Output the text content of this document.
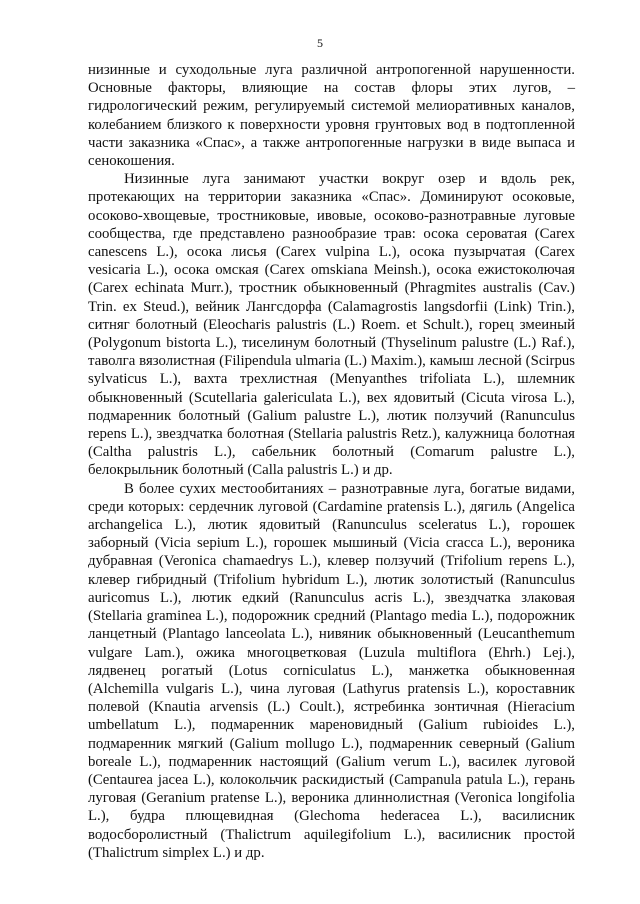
5

низинные и суходольные луга различной антропогенной нарушенности. Основные факторы, влияющие на состав флоры этих лугов, – гидрологический режим, регулируемый системой мелиоративных каналов, колебанием близкого к поверхности уровня грунтовых вод в подтопленной части заказника «Спас», а также антропогенные нагрузки в виде выпаса и сенокошения.

Низинные луга занимают участки вокруг озер и вдоль рек, протекающих на территории заказника «Спас». Доминируют осоковые, осоково-хвощевые, тростниковые, ивовые, осоково-разнотравные луговые сообщества, где представлено разнообразие трав: осока сероватая (Carex canescens L.), осока лисья (Carex vulpina L.), осока пузырчатая (Carex vesicaria L.), осока омская (Carex omskiana Meinsh.), осока ежистоколючая (Carex echinata Murr.), тростник обыкновенный (Phragmites australis (Cav.) Trin. ex Steud.), вейник Лангсдорфа (Calamagrostis langsdorfii (Link) Trin.), ситняг болотный (Eleocharis palustris (L.) Roem. et Schult.), горец змеиный (Polygonum bistorta L.), тиселинум болотный (Thyselinum palustre (L.) Raf.), таволга вязолистная (Filipendula ulmaria (L.) Maxim.), камыш лесной (Scirpus sylvaticus L.), вахта трехлистная (Menyanthes trifoliata L.), шлемник обыкновенный (Scutellaria galericulata L.), вех ядовитый (Cicuta virosa L.), подмаренник болотный (Galium palustre L.), лютик ползучий (Ranunculus repens L.), звездчатка болотная (Stellaria palustris Retz.), калужница болотная (Caltha palustris L.), сабельник болотный (Comarum palustre L.), белокрыльник болотный (Calla palustris L.) и др.

В более сухих местообитаниях – разнотравные луга, богатые видами, среди которых: сердечник луговой (Cardamine pratensis L.), дягиль (Angelica archangelica L.), лютик ядовитый (Ranunculus sceleratus L.), горошек заборный (Vicia sepium L.), горошек мышиный (Vicia cracca L.), вероника дубравная (Veronica chamaedrys L.), клевер ползучий (Trifolium repens L.), клевер гибридный (Trifolium hybridum L.), лютик золотистый (Ranunculus auricomus L.), лютик едкий (Ranunculus acris L.), звездчатка злаковая (Stellaria graminea L.), подорожник средний (Plantago media L.), подорожник ланцетный (Plantago lanceolata L.), нивяник обыкновенный (Leucanthemum vulgare Lam.), ожика многоцветковая (Luzula multiflora (Ehrh.) Lej.), лядвенец рогатый (Lotus corniculatus L.), манжетка обыкновенная (Alchemilla vulgaris L.), чина луговая (Lathyrus pratensis L.), короставник полевой (Knautia arvensis (L.) Coult.), ястребинка зонтичная (Hieracium umbellatum L.), подмаренник мареновидный (Galium rubioides L.), подмаренник мягкий (Galium mollugo L.), подмаренник северный (Galium boreale L.), подмаренник настоящий (Galium verum L.), василек луговой (Centaurea jacea L.), колокольчик раскидистый (Campanula patula L.), герань луговая (Geranium pratense L.), вероника длиннолистная (Veronica longifolia L.), будра плющевидная (Glechoma hederacea L.), василисник водосборолистный (Thalictrum aquilegifolium L.), василисник простой (Thalictrum simplex L.) и др.
